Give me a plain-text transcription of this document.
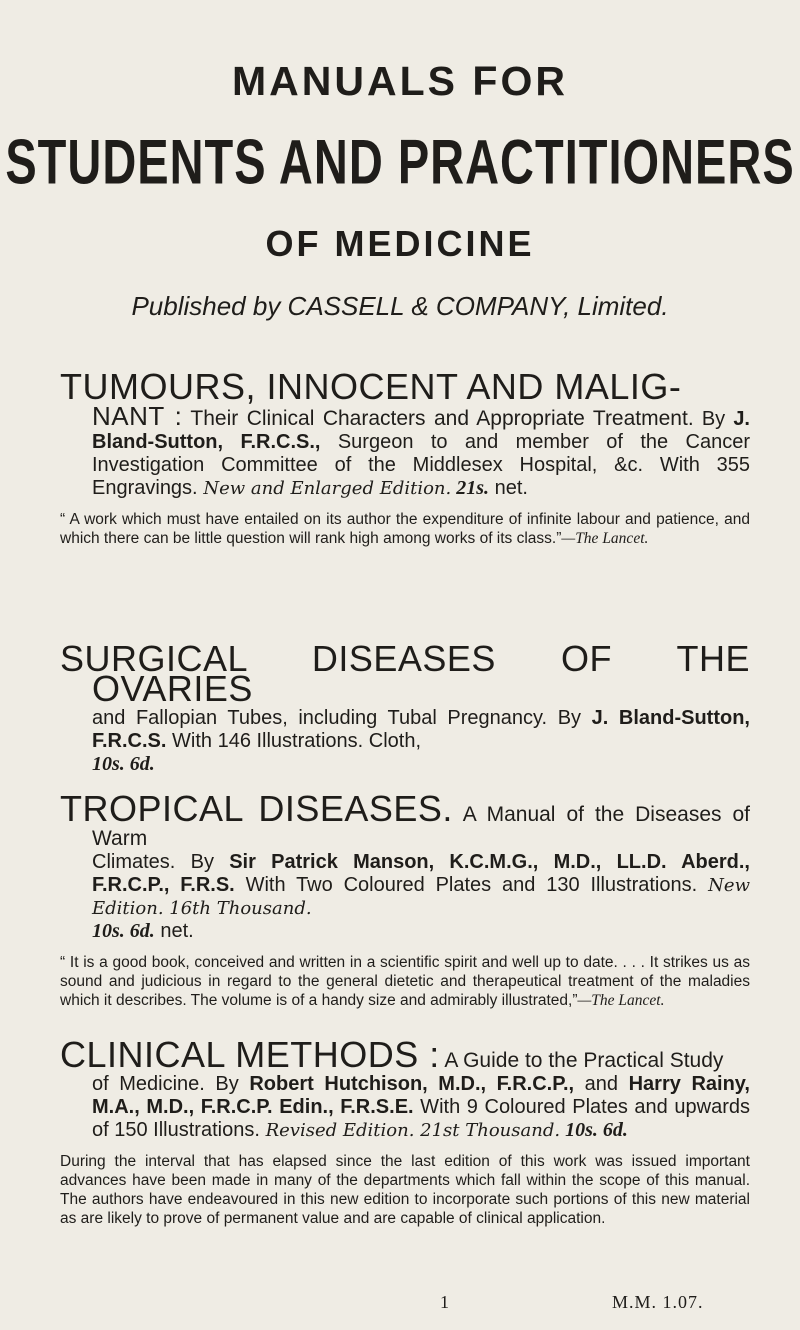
MANUALS FOR
STUDENTS AND PRACTITIONERS
OF MEDICINE

Published by CASSELL & COMPANY, Limited.

TUMOURS, INNOCENT AND MALIG-
NANT : Their Clinical Characters and Appropriate Treatment. By J. Bland-Sutton, F.R.C.S., Surgeon to and member of the Cancer Investigation Committee of the Middlesex Hospital, &c. With 355 Engravings. New and Enlarged Edition. 21s. net.

“ A work which must have entailed on its author the expenditure of infinite labour and patience, and which there can be little question will rank high among works of its class.”—The Lancet.

SURGICAL DISEASES OF THE OVARIES
and Fallopian Tubes, including Tubal Pregnancy. By J. Bland-Sutton, F.R.C.S. With 146 Illustrations. Cloth,
10s. 6d.

TROPICAL DISEASES. A Manual of the Diseases of Warm
Climates. By Sir Patrick Manson, K.C.M.G., M.D., LL.D. Aberd., F.R.C.P., F.R.S. With Two Coloured Plates and 130 Illustrations. New Edition. 16th Thousand.
10s. 6d. net.

“ It is a good book, conceived and written in a scientific spirit and well up to date. . . . It strikes us as sound and judicious in regard to the general dietetic and therapeutical treatment of the maladies which it describes. The volume is of a handy size and admirably illustrated,”—The Lancet.

CLINICAL METHODS : A Guide to the Practical Study
of Medicine. By Robert Hutchison, M.D., F.R.C.P., and Harry Rainy, M.A., M.D., F.R.C.P. Edin., F.R.S.E. With 9 Coloured Plates and upwards of 150 Illustrations. Revised Edition. 21st Thousand. 10s. 6d.

During the interval that has elapsed since the last edition of this work was issued important advances have been made in many of the departments which fall within the scope of this manual. The authors have endeavoured in this new edition to incorporate such portions of this new material as are likely to prove of permanent value and are capable of clinical application.

1	M.M. 1.07.
